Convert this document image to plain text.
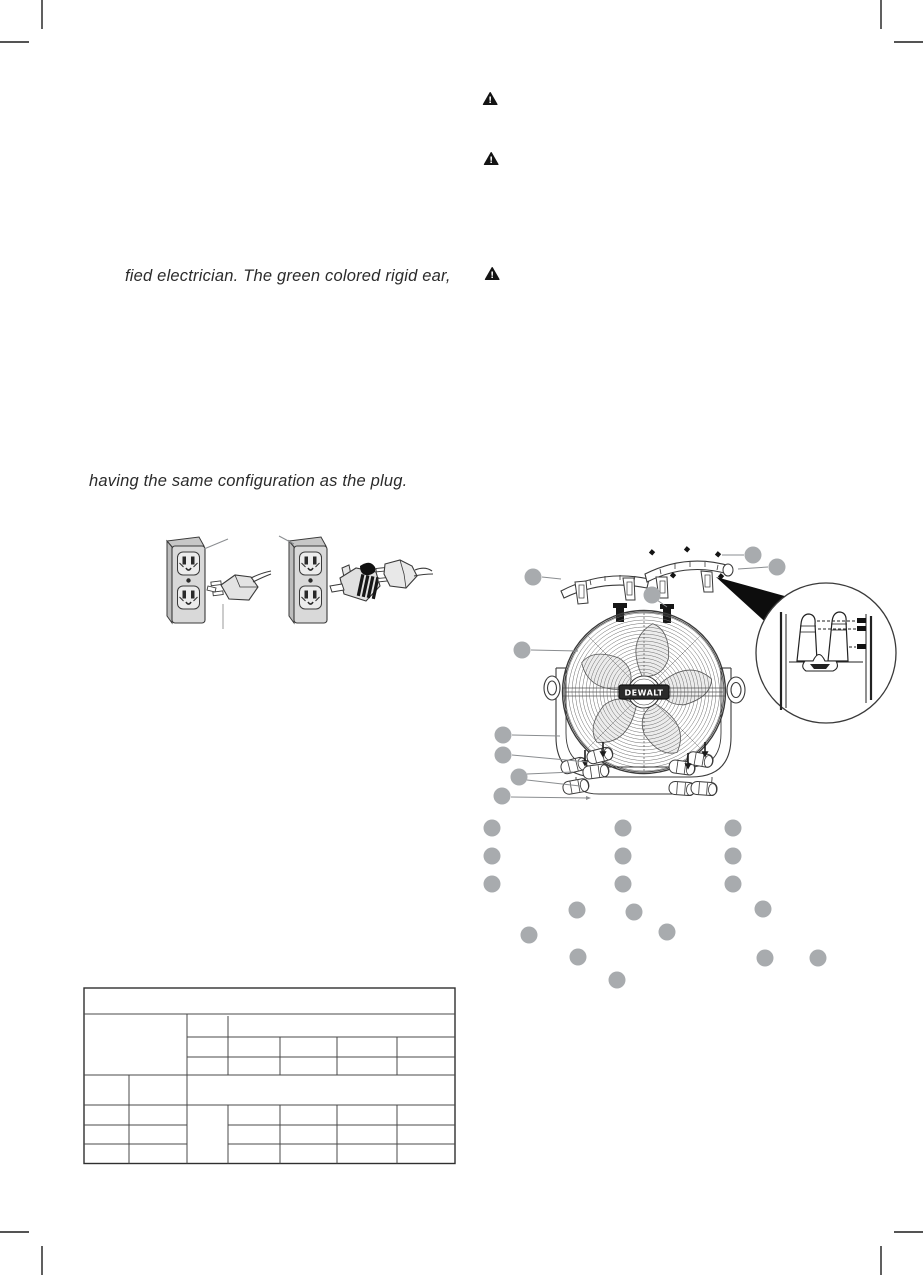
fied electrician. The green colored rigid ear,
having the same configuration as the plug.
!
!
!
DEWALT
